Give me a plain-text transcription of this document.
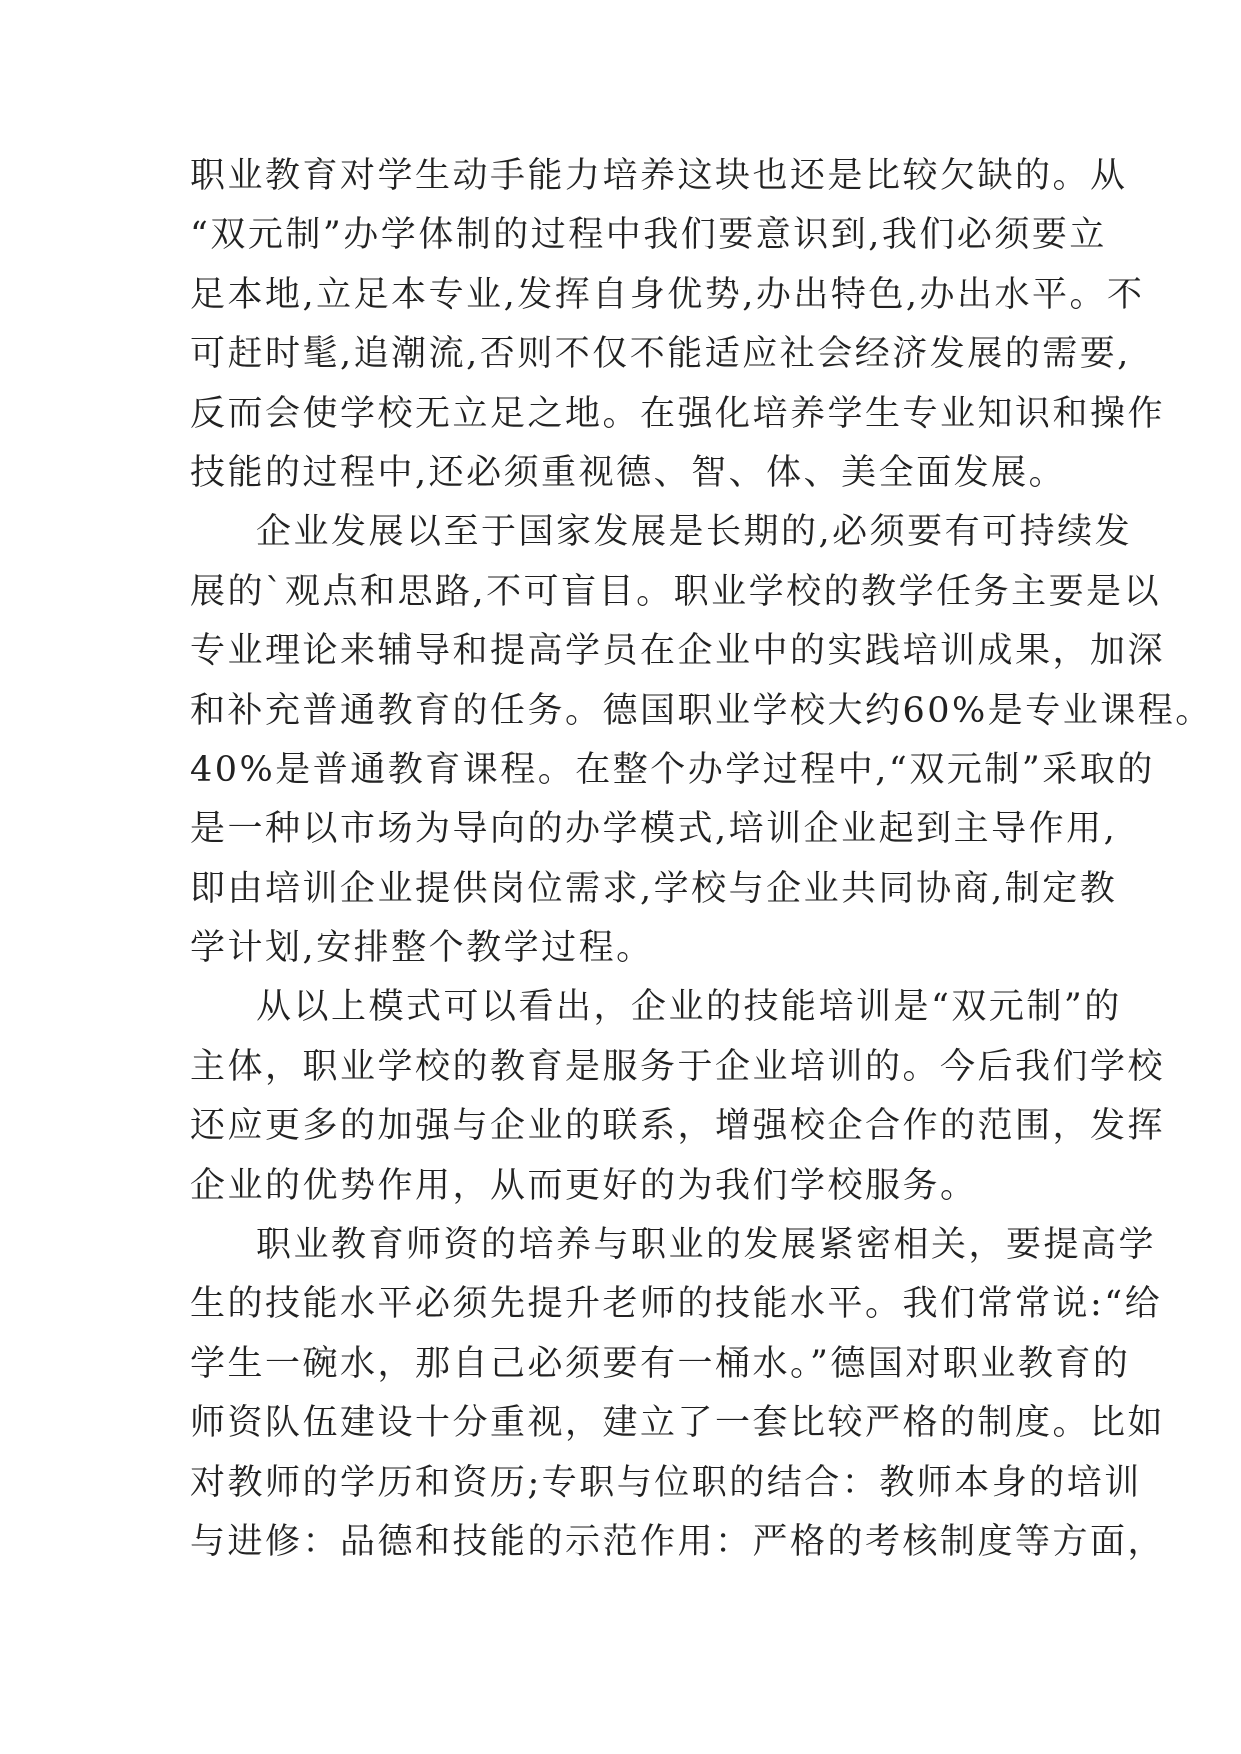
职业教育对学生动手能力培养这块也还是比较欠缺的。从
“双元制”办学体制的过程中我们要意识到,我们必须要立
足本地,立足本专业,发挥自身优势,办出特色,办出水平。不
可赶时髦,追潮流,否则不仅不能适应社会经济发展的需要,
反而会使学校无立足之地。在强化培养学生专业知识和操作
技能的过程中,还必须重视德、智、体、美全面发展。
企业发展以至于国家发展是长期的,必须要有可持续发
展的`观点和思路,不可盲目。职业学校的教学任务主要是以
专业理论来辅导和提高学员在企业中的实践培训成果，加深
和补充普通教育的任务。德国职业学校大约60%是专业课程。
40%是普通教育课程。在整个办学过程中,“双元制”采取的
是一种以市场为导向的办学模式,培训企业起到主导作用,
即由培训企业提供岗位需求,学校与企业共同协商,制定教
学计划,安排整个教学过程。
从以上模式可以看出，企业的技能培训是“双元制”的
主体，职业学校的教育是服务于企业培训的。今后我们学校
还应更多的加强与企业的联系，增强校企合作的范围，发挥
企业的优势作用，从而更好的为我们学校服务。
职业教育师资的培养与职业的发展紧密相关，要提高学
生的技能水平必须先提升老师的技能水平。我们常常说:“给
学生一碗水，那自己必须要有一桶水。”德国对职业教育的
师资队伍建设十分重视，建立了一套比较严格的制度。比如
对教师的学历和资历;专职与位职的结合：教师本身的培训
与进修：品德和技能的示范作用：严格的考核制度等方面，
